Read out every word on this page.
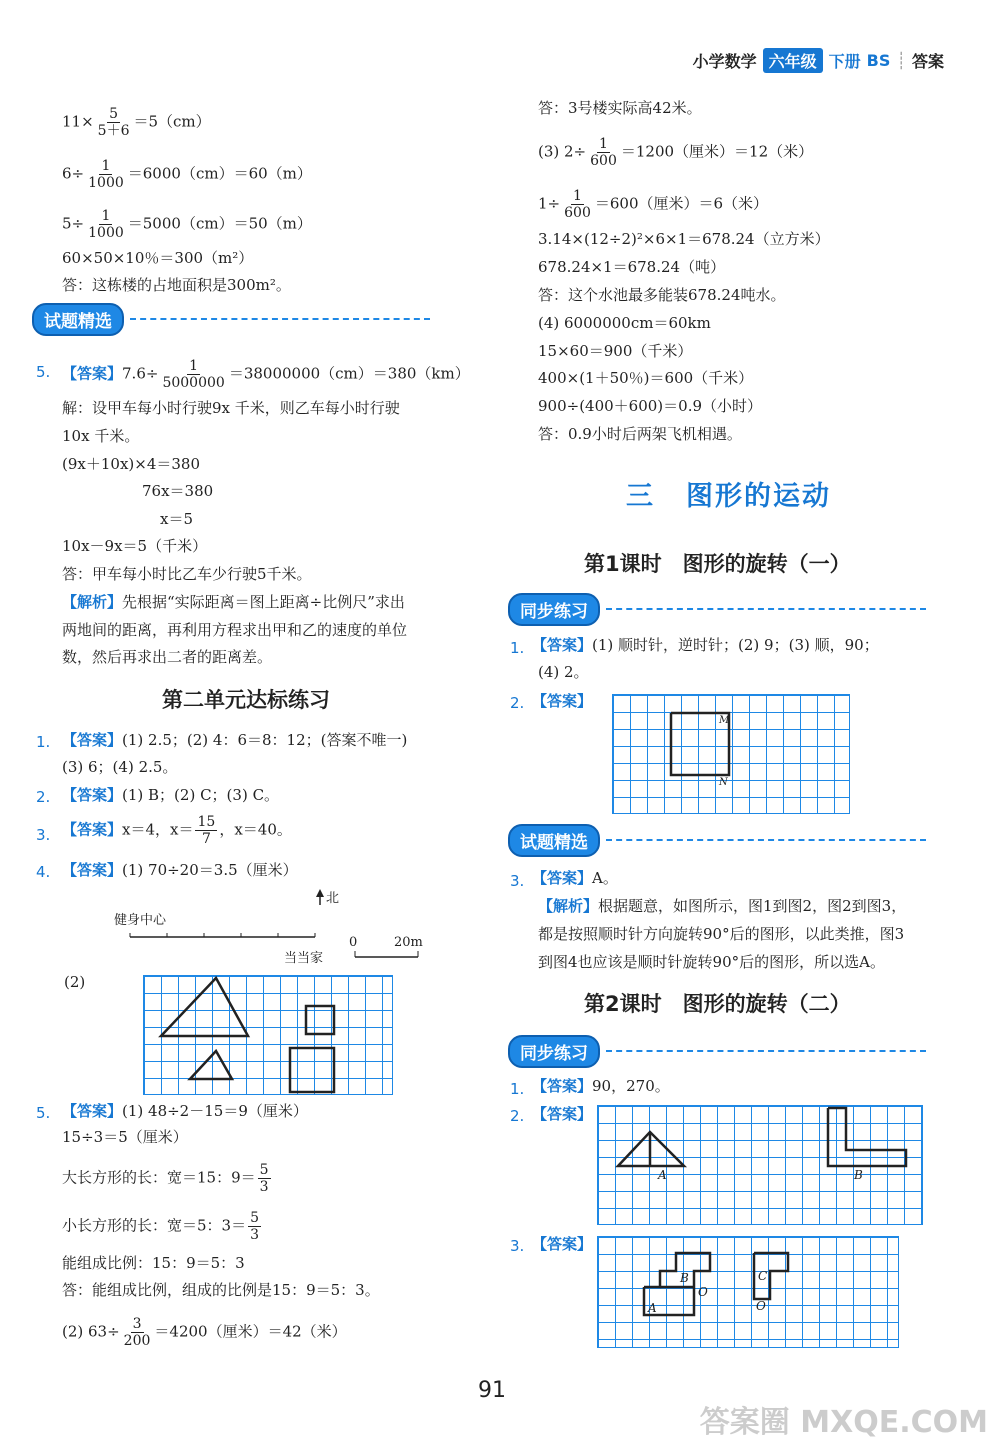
小学数学 六年级 下册 BS ┊ 答案
$11\times \frac{5}{5+6} =5(cm)$
$6\div \frac{1}{1000} =6000(cm)=60(m)$
$5\div \frac{1}{1000} =5000(cm)=50(m)$
60×50×10％＝300（m²）
答：这栋楼的占地面积是300m²。
试题精选
5. 【答案】$7.6\div \frac{1}{5000000} =38000000(cm)=380(km)$
解：设甲车每小时行驶9x 千米，则乙车每小时行驶
10x 千米。
(9x＋10x)×4＝380
76x＝380
x＝5
10x－9x＝5（千米）
答：甲车每小时比乙车少行驶5千米。
【解析】先根据“实际距离＝图上距离÷比例尺”求出
两地间的距离，再利用方程求出甲和乙的速度的单位
数，然后再求出二者的距离差。
第二单元达标练习
1. 【答案】(1) 2.5；(2) 4：6＝8：12；(答案不唯一)
(3) 6；(4) 2.5。
2. 【答案】(1) B；(2) C；(3) C。
3. 【答案】x＝4，$x= \frac{15}{7}$ ，x＝40。
4. 【答案】(1) 70÷20＝3.5（厘米）
北
健身中心
当当家
0	20m
(2)
5. 【答案】(1) 48÷2－15＝9（厘米）
15÷3＝5（厘米）
大长方形的长：宽＝15：$9= \frac{5}{3}$
小长方形的长：宽＝5：$3= \frac{5}{3}$
能组成比例：15：9＝5：3
答：能组成比例，组成的比例是15：9＝5：3。
(2) $63\div \frac{3}{200} =4200$（厘米）＝42（米）
答：3号楼实际高42米。
(3) $2\div \frac{1}{600} =1200$（厘米）＝12（米）
$1\div \frac{1}{600} =600$（厘米）＝6（米）
3.14×(12÷2)²×6×1＝678.24（立方米）
678.24×1＝678.24（吨）
答：这个水池最多能装678.24吨水。
(4) 6000000cm＝60km
15×60＝900（千米）
400×(1＋50％)＝600（千米）
900÷(400＋600)＝0.9（小时）
答：0.9小时后两架飞机相遇。
三 图形的运动
第1课时　图形的旋转（一）
同步练习
1. 【答案】(1) 顺时针，逆时针；(2) 9；(3) 顺，90；
(4) 2。
2. 【答案】
M
N
试题精选
3. 【答案】A。
【解析】根据题意，如图所示，图1到图2，图2到图3，
都是按照顺时针方向旋转90°后的图形，以此类推，图3
到图4也应该是顺时针旋转90°后的图形，所以选A。
第2课时　图形的旋转（二）
同步练习
1. 【答案】90，270。
2. 【答案】
A	B
3. 【答案】
A
B
O
C
O
91
答案圈 MXQE.COM
